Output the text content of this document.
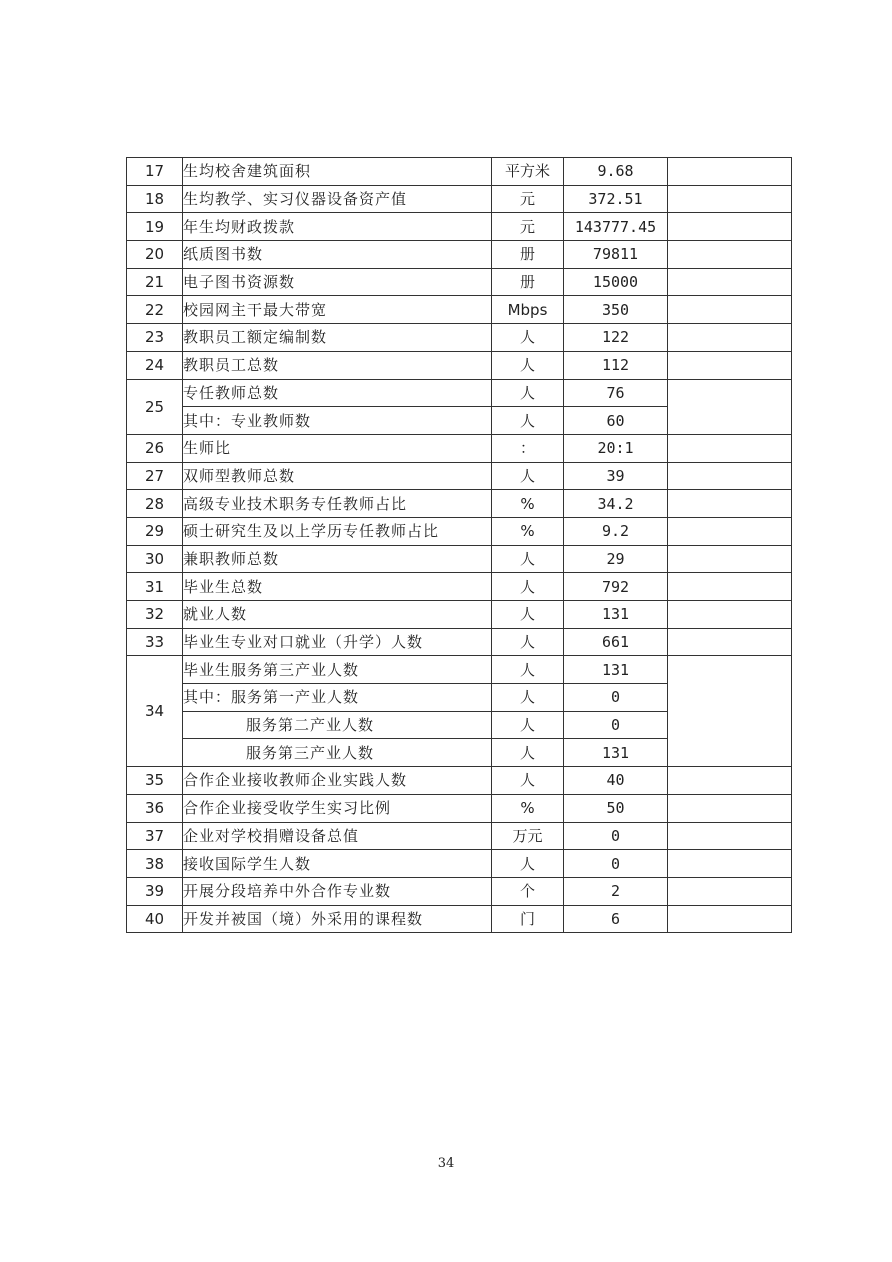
17	生均校舍建筑面积	平方米	9.68	
18	生均教学、实习仪器设备资产值	元	372.51	
19	年生均财政拨款	元	143777.45	
20	纸质图书数	册	79811	
21	电子图书资源数	册	15000	
22	校园网主干最大带宽	Mbps	350	
23	教职员工额定编制数	人	122	
24	教职员工总数	人	112	
25	专任教师总数	人	76	
	其中：专业教师数	人	60	
26	生师比	：	20:1	
27	双师型教师总数	人	39	
28	高级专业技术职务专任教师占比	%	34.2	
29	硕士研究生及以上学历专任教师占比	%	9.2	
30	兼职教师总数	人	29	
31	毕业生总数	人	792	
32	就业人数	人	131	
33	毕业生专业对口就业（升学）人数	人	661	
34	毕业生服务第三产业人数	人	131	
	其中：服务第一产业人数	人	0	
	服务第二产业人数	人	0	
	服务第三产业人数	人	131	
35	合作企业接收教师企业实践人数	人	40	
36	合作企业接受收学生实习比例	%	50	
37	企业对学校捐赠设备总值	万元	0	
38	接收国际学生人数	人	0	
39	开展分段培养中外合作专业数	个	2	
40	开发并被国（境）外采用的课程数	门	6	
34
